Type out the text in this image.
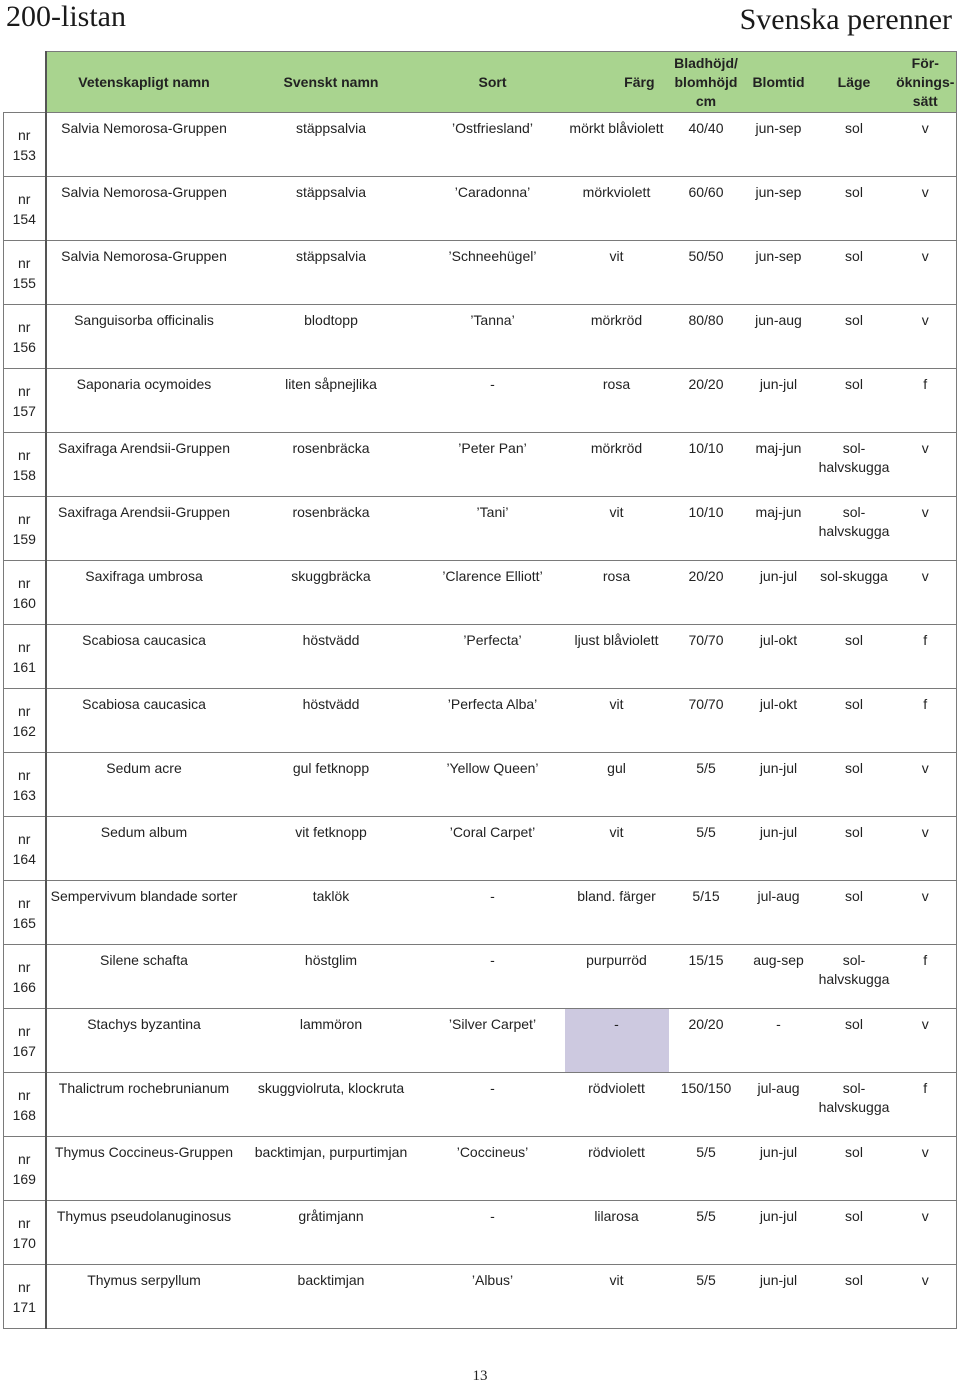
200-listan	Svenska perenner
	Vetenskapligt namn	Svenskt namn	Sort	Färg	Bladhöjd/ blomhöjd cm	Blomtid	Läge	För-öknings-sätt
nr 153	Salvia Nemorosa-Gruppen	stäppsalvia	’Ostfriesland’	mörkt blåviolett	40/40	jun-sep	sol	v
nr 154	Salvia Nemorosa-Gruppen	stäppsalvia	’Caradonna’	mörkviolett	60/60	jun-sep	sol	v
nr 155	Salvia Nemorosa-Gruppen	stäppsalvia	’Schneehügel’	vit	50/50	jun-sep	sol	v
nr 156	Sanguisorba officinalis	blodtopp	’Tanna’	mörkröd	80/80	jun-aug	sol	v
nr 157	Saponaria ocymoides	liten såpnejlika	-	rosa	20/20	jun-jul	sol	f
nr 158	Saxifraga Arendsii-Gruppen	rosenbräcka	’Peter Pan’	mörkröd	10/10	maj-jun	sol-halvskugga	v
nr 159	Saxifraga Arendsii-Gruppen	rosenbräcka	’Tani’	vit	10/10	maj-jun	sol-halvskugga	v
nr 160	Saxifraga umbrosa	skuggbräcka	’Clarence Elliott’	rosa	20/20	jun-jul	sol-skugga	v
nr 161	Scabiosa caucasica	höstvädd	’Perfecta’	ljust blåviolett	70/70	jul-okt	sol	f
nr 162	Scabiosa caucasica	höstvädd	’Perfecta Alba’	vit	70/70	jul-okt	sol	f
nr 163	Sedum acre	gul fetknopp	’Yellow Queen’	gul	5/5	jun-jul	sol	v
nr 164	Sedum album	vit fetknopp	’Coral Carpet’	vit	5/5	jun-jul	sol	v
nr 165	Sempervivum blandade sorter	taklök	-	bland. färger	5/15	jul-aug	sol	v
nr 166	Silene schafta	höstglim	-	purpurröd	15/15	aug-sep	sol-halvskugga	f
nr 167	Stachys byzantina	lammöron	’Silver Carpet’	-	20/20	-	sol	v
nr 168	Thalictrum rochebrunianum	skuggviolruta, klockruta	-	rödviolett	150/150	jul-aug	sol-halvskugga	f
nr 169	Thymus Coccineus-Gruppen	backtimjan, purpurtimjan	’Coccineus’	rödviolett	5/5	jun-jul	sol	v
nr 170	Thymus pseudolanuginosus	gråtimjann	-	lilarosa	5/5	jun-jul	sol	v
nr 171	Thymus serpyllum	backtimjan	’Albus’	vit	5/5	jun-jul	sol	v
13
